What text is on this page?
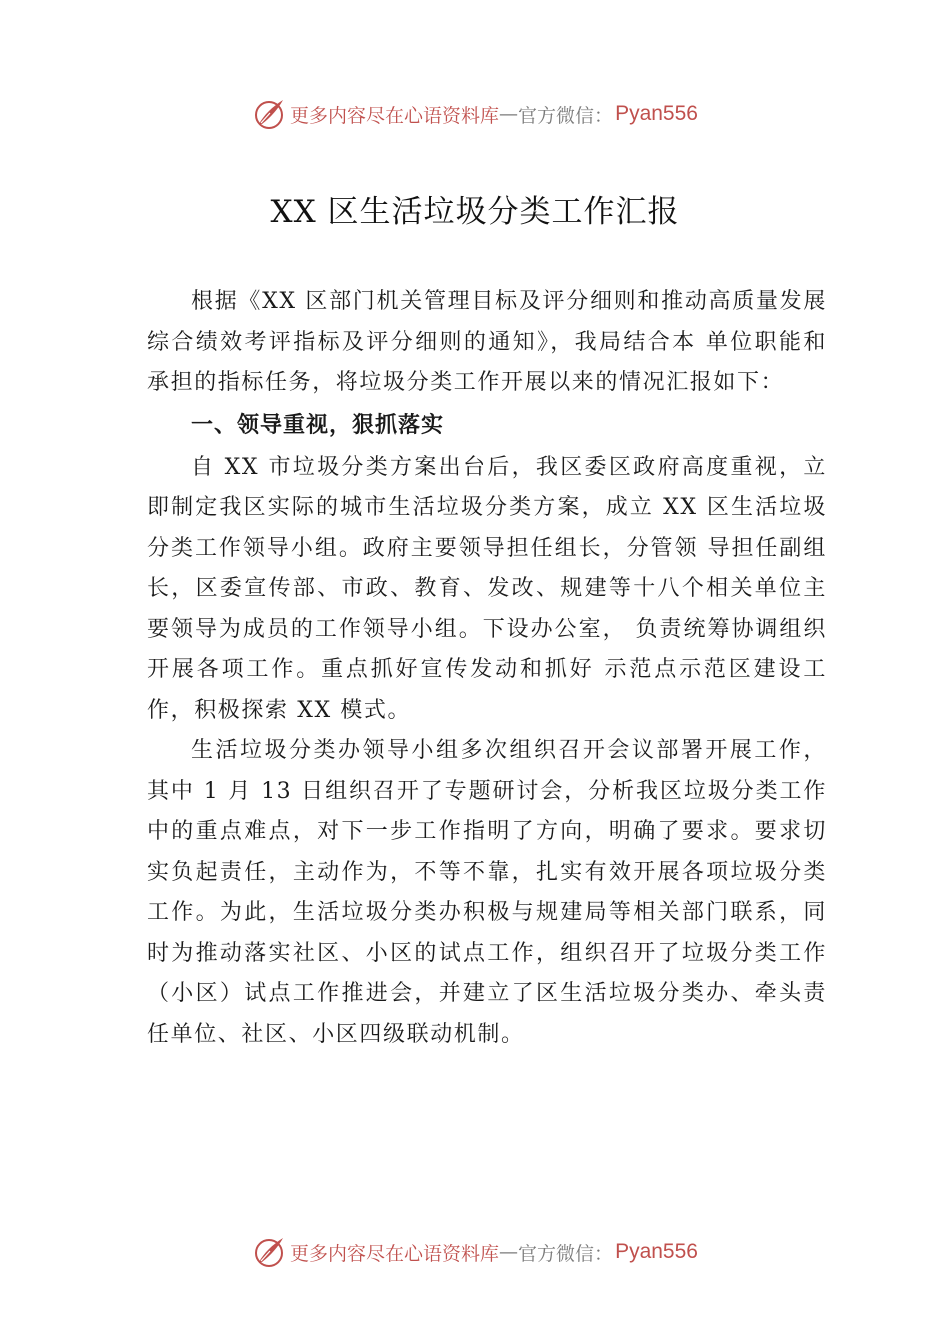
更多内容尽在心语资料库 — 官方微信： Pyan556
XX 区生活垃圾分类工作汇报

根据《XX 区部门机关管理目标及评分细则和推动高质量发展综合绩效考评指标及评分细则的通知》，我局结合本 单位职能和承担的指标任务，将垃圾分类工作开展以来的情况汇报如下：

一、领导重视，狠抓落实

自 XX 市垃圾分类方案出台后，我区委区政府高度重视，立即制定我区实际的城市生活垃圾分类方案，成立 XX 区生活垃圾分类工作领导小组。政府主要领导担任组长，分管领 导担任副组长，区委宣传部、市政、教育、发改、规建等十八个相关单位主要领导为成员的工作领导小组。下设办公室， 负责统筹协调组织开展各项工作。重点抓好宣传发动和抓好 示范点示范区建设工作，积极探索 XX 模式。

生活垃圾分类办领导小组多次组织召开会议部署开展工作，其中 1 月 13 日组织召开了专题研讨会，分析我区垃圾分类工作中的重点难点，对下一步工作指明了方向，明确了要求。要求切实负起责任，主动作为，不等不靠，扎实有效开展各项垃圾分类工作。为此，生活垃圾分类办积极与规建局等相关部门联系，同时为推动落实社区、小区的试点工作，组织召开了垃圾分类工作（小区）试点工作推进会，并建立了区生活垃圾分类办、牵头责任单位、社区、小区四级联动机制。

更多内容尽在心语资料库 — 官方微信： Pyan556
